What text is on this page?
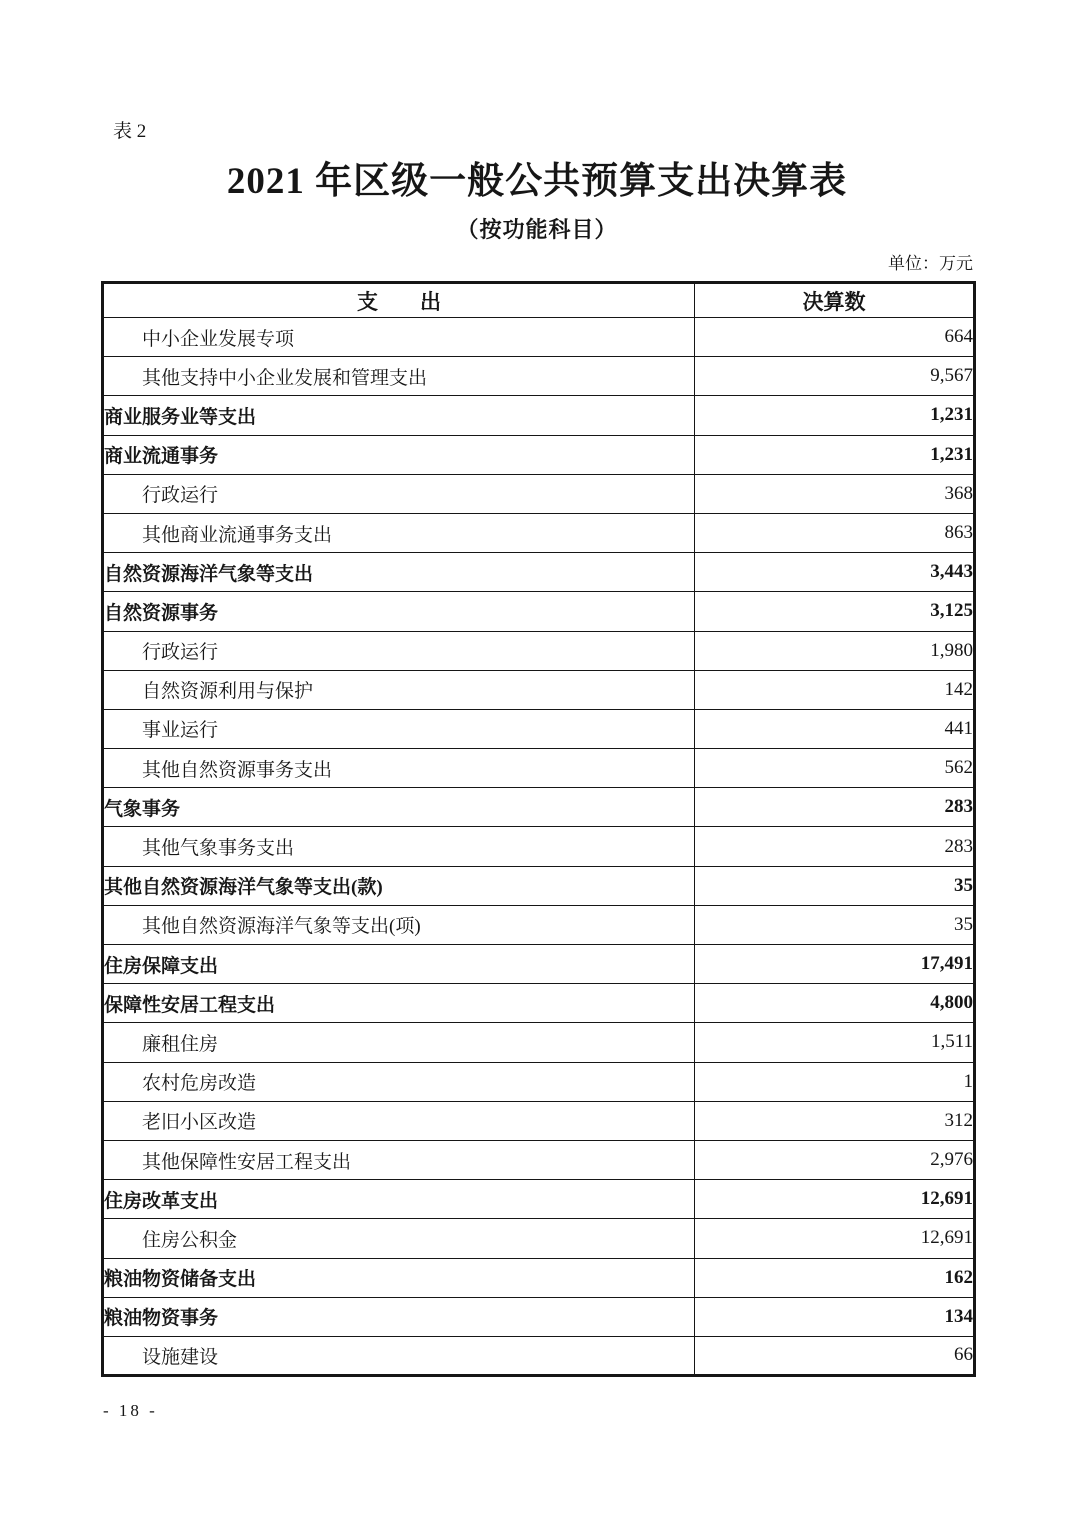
表 2
2021 年区级一般公共预算支出决算表
（按功能科目）
单位：万元
支　　出	决算数
中小企业发展专项	664
其他支持中小企业发展和管理支出	9,567
商业服务业等支出	1,231
商业流通事务	1,231
行政运行	368
其他商业流通事务支出	863
自然资源海洋气象等支出	3,443
自然资源事务	3,125
行政运行	1,980
自然资源利用与保护	142
事业运行	441
其他自然资源事务支出	562
气象事务	283
其他气象事务支出	283
其他自然资源海洋气象等支出(款)	35
其他自然资源海洋气象等支出(项)	35
住房保障支出	17,491
保障性安居工程支出	4,800
廉租住房	1,511
农村危房改造	1
老旧小区改造	312
其他保障性安居工程支出	2,976
住房改革支出	12,691
住房公积金	12,691
粮油物资储备支出	162
粮油物资事务	134
设施建设	66
- 18 -
